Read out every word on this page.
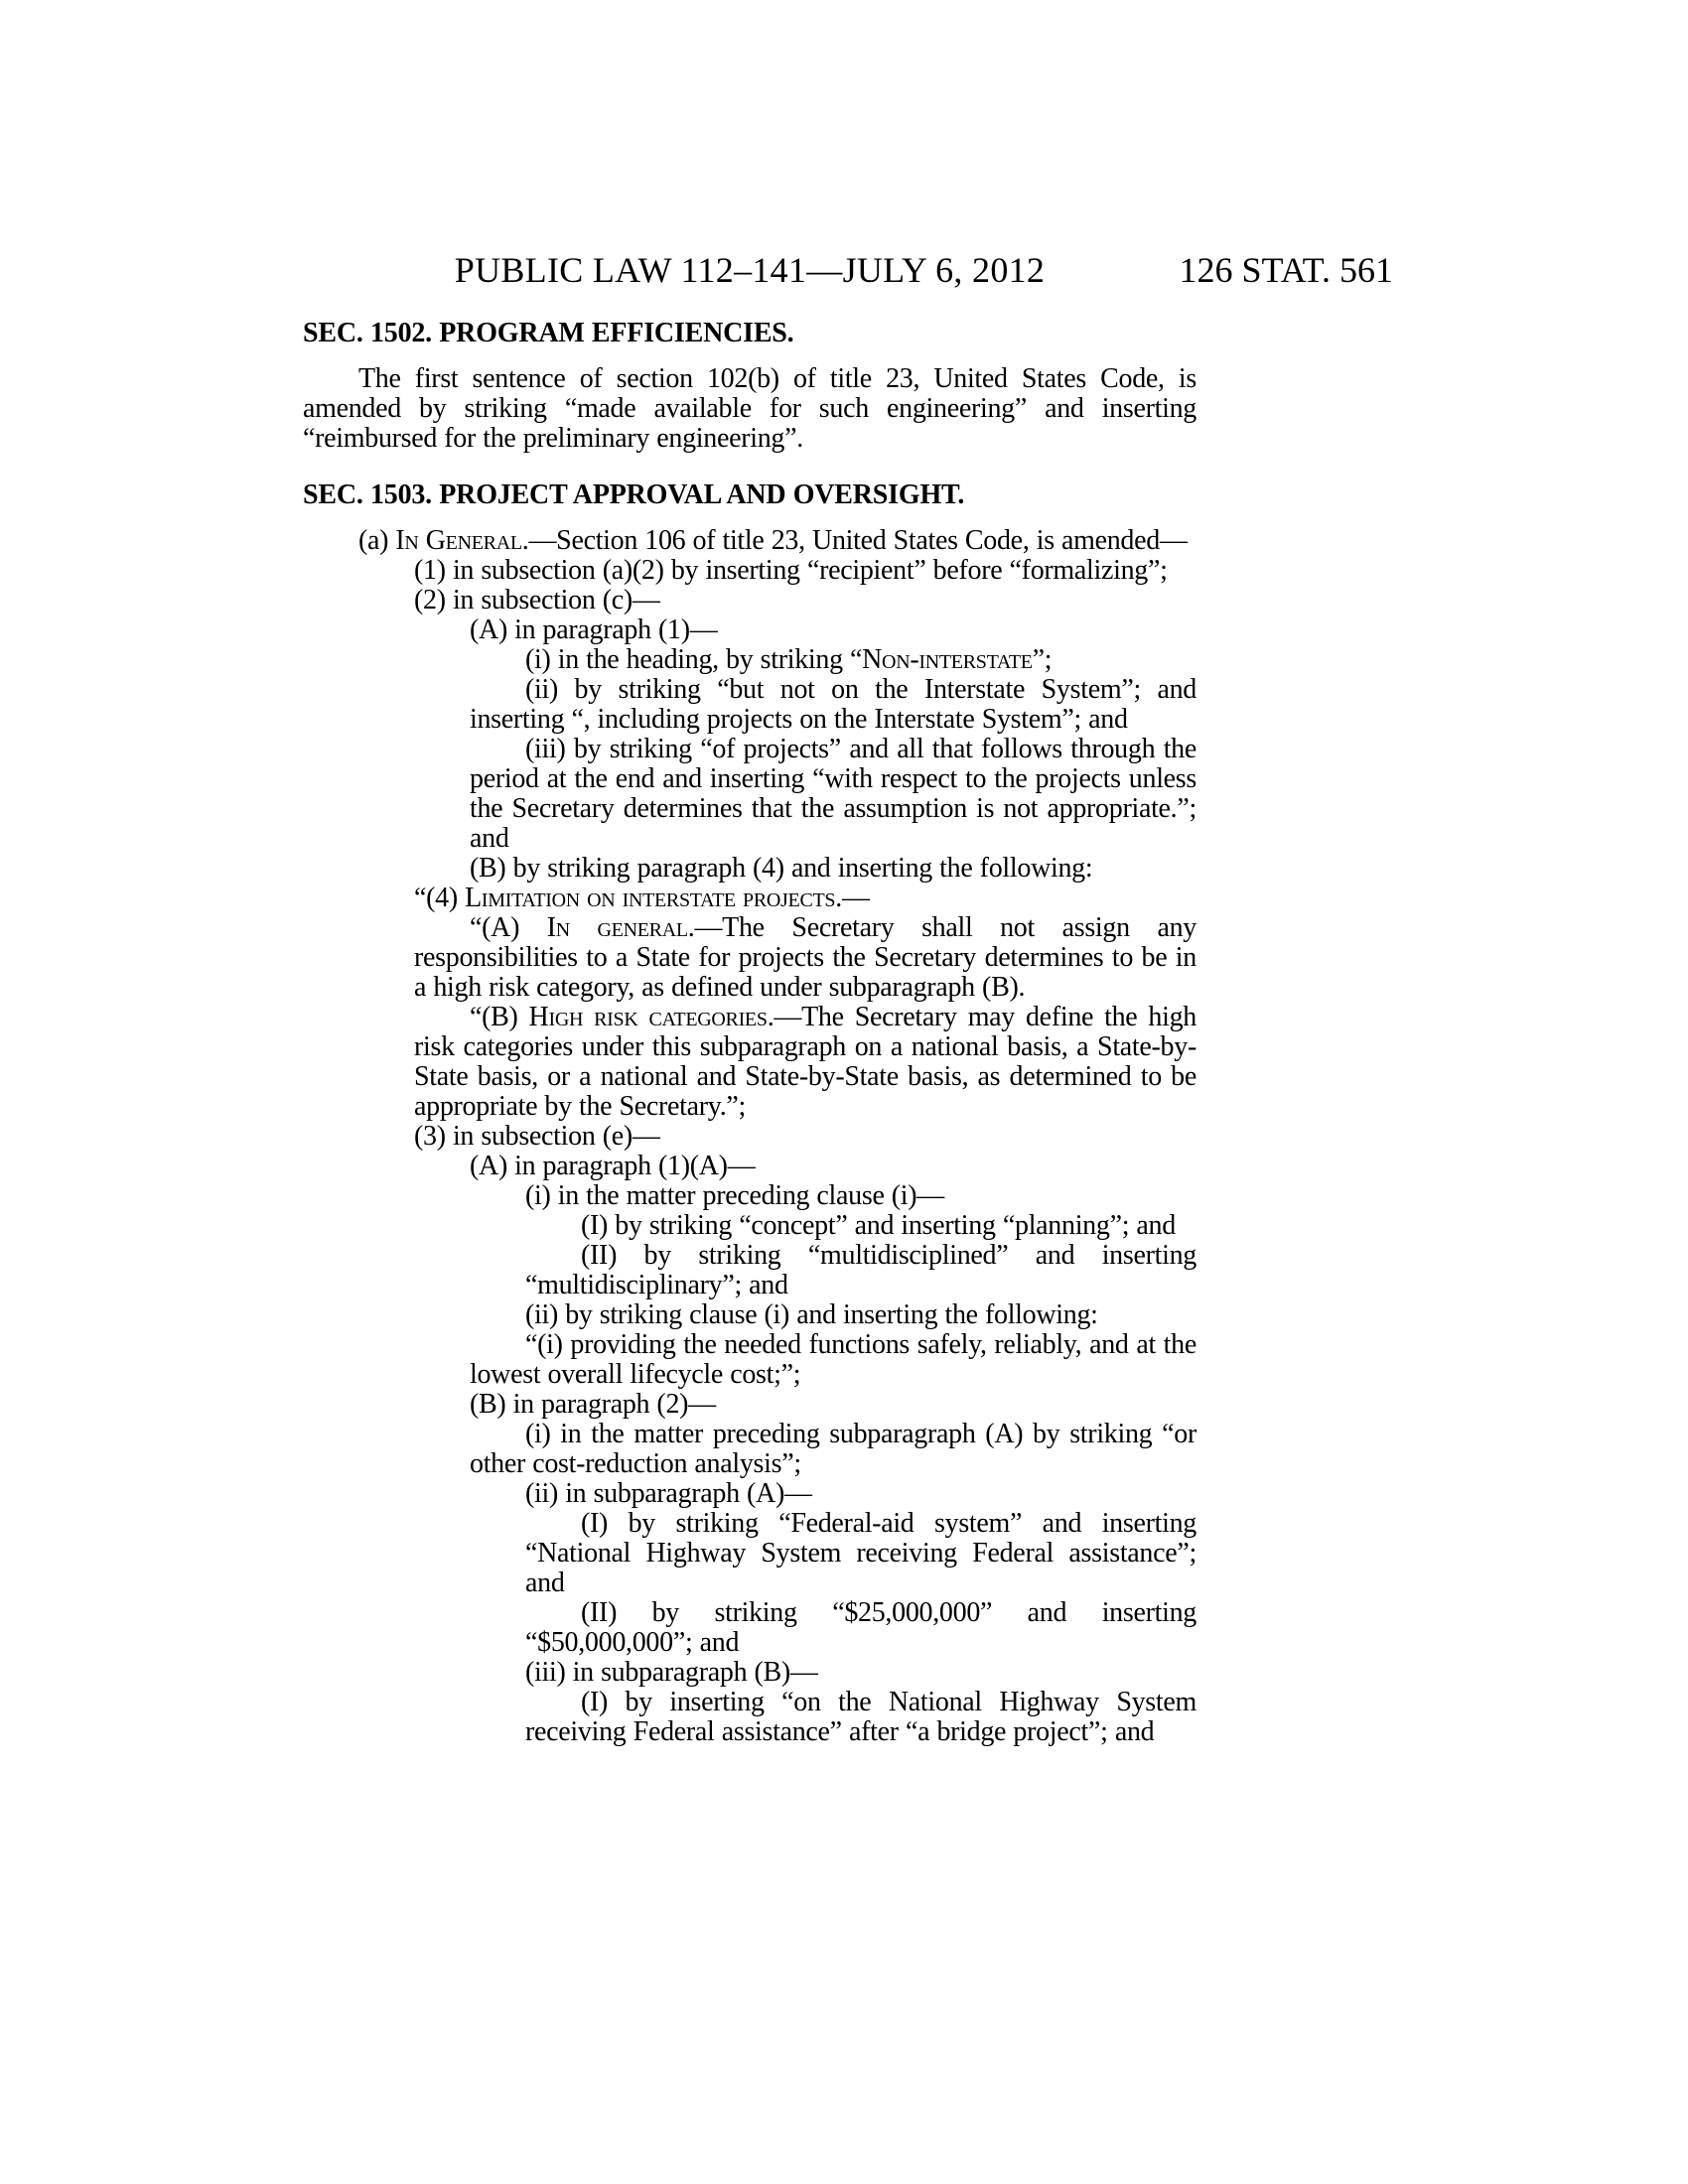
PUBLIC LAW 112–141—JULY 6, 2012	126 STAT. 561
SEC. 1502. PROGRAM EFFICIENCIES.

The first sentence of section 102(b) of title 23, United States Code, is amended by striking “made available for such engineering” and inserting “reimbursed for the preliminary engineering”.

SEC. 1503. PROJECT APPROVAL AND OVERSIGHT.

(a) In General.—Section 106 of title 23, United States Code, is amended—

(1) in subsection (a)(2) by inserting “recipient” before “formalizing”;

(2) in subsection (c)—

(A) in paragraph (1)—

(i) in the heading, by striking “Non-interstate”;

(ii) by striking “but not on the Interstate System”; and inserting “, including projects on the Interstate System”; and

(iii) by striking “of projects” and all that follows through the period at the end and inserting “with respect to the projects unless the Secretary determines that the assumption is not appropriate.”; and

(B) by striking paragraph (4) and inserting the following:

“(4) Limitation on interstate projects.—

“(A) In general.—The Secretary shall not assign any responsibilities to a State for projects the Secretary determines to be in a high risk category, as defined under subparagraph (B).

“(B) High risk categories.—The Secretary may define the high risk categories under this subparagraph on a national basis, a State-by-State basis, or a national and State-by-State basis, as determined to be appropriate by the Secretary.”;

(3) in subsection (e)—

(A) in paragraph (1)(A)—

(i) in the matter preceding clause (i)—

(I) by striking “concept” and inserting “planning”; and

(II) by striking “multidisciplined” and inserting “multidisciplinary”; and

(ii) by striking clause (i) and inserting the following:

“(i) providing the needed functions safely, reliably, and at the lowest overall lifecycle cost;”;

(B) in paragraph (2)—

(i) in the matter preceding subparagraph (A) by striking “or other cost-reduction analysis”;

(ii) in subparagraph (A)—

(I) by striking “Federal-aid system” and inserting “National Highway System receiving Federal assistance”; and

(II) by striking “$25,000,000” and inserting “$50,000,000”; and

(iii) in subparagraph (B)—

(I) by inserting “on the National Highway System receiving Federal assistance” after “a bridge project”; and
